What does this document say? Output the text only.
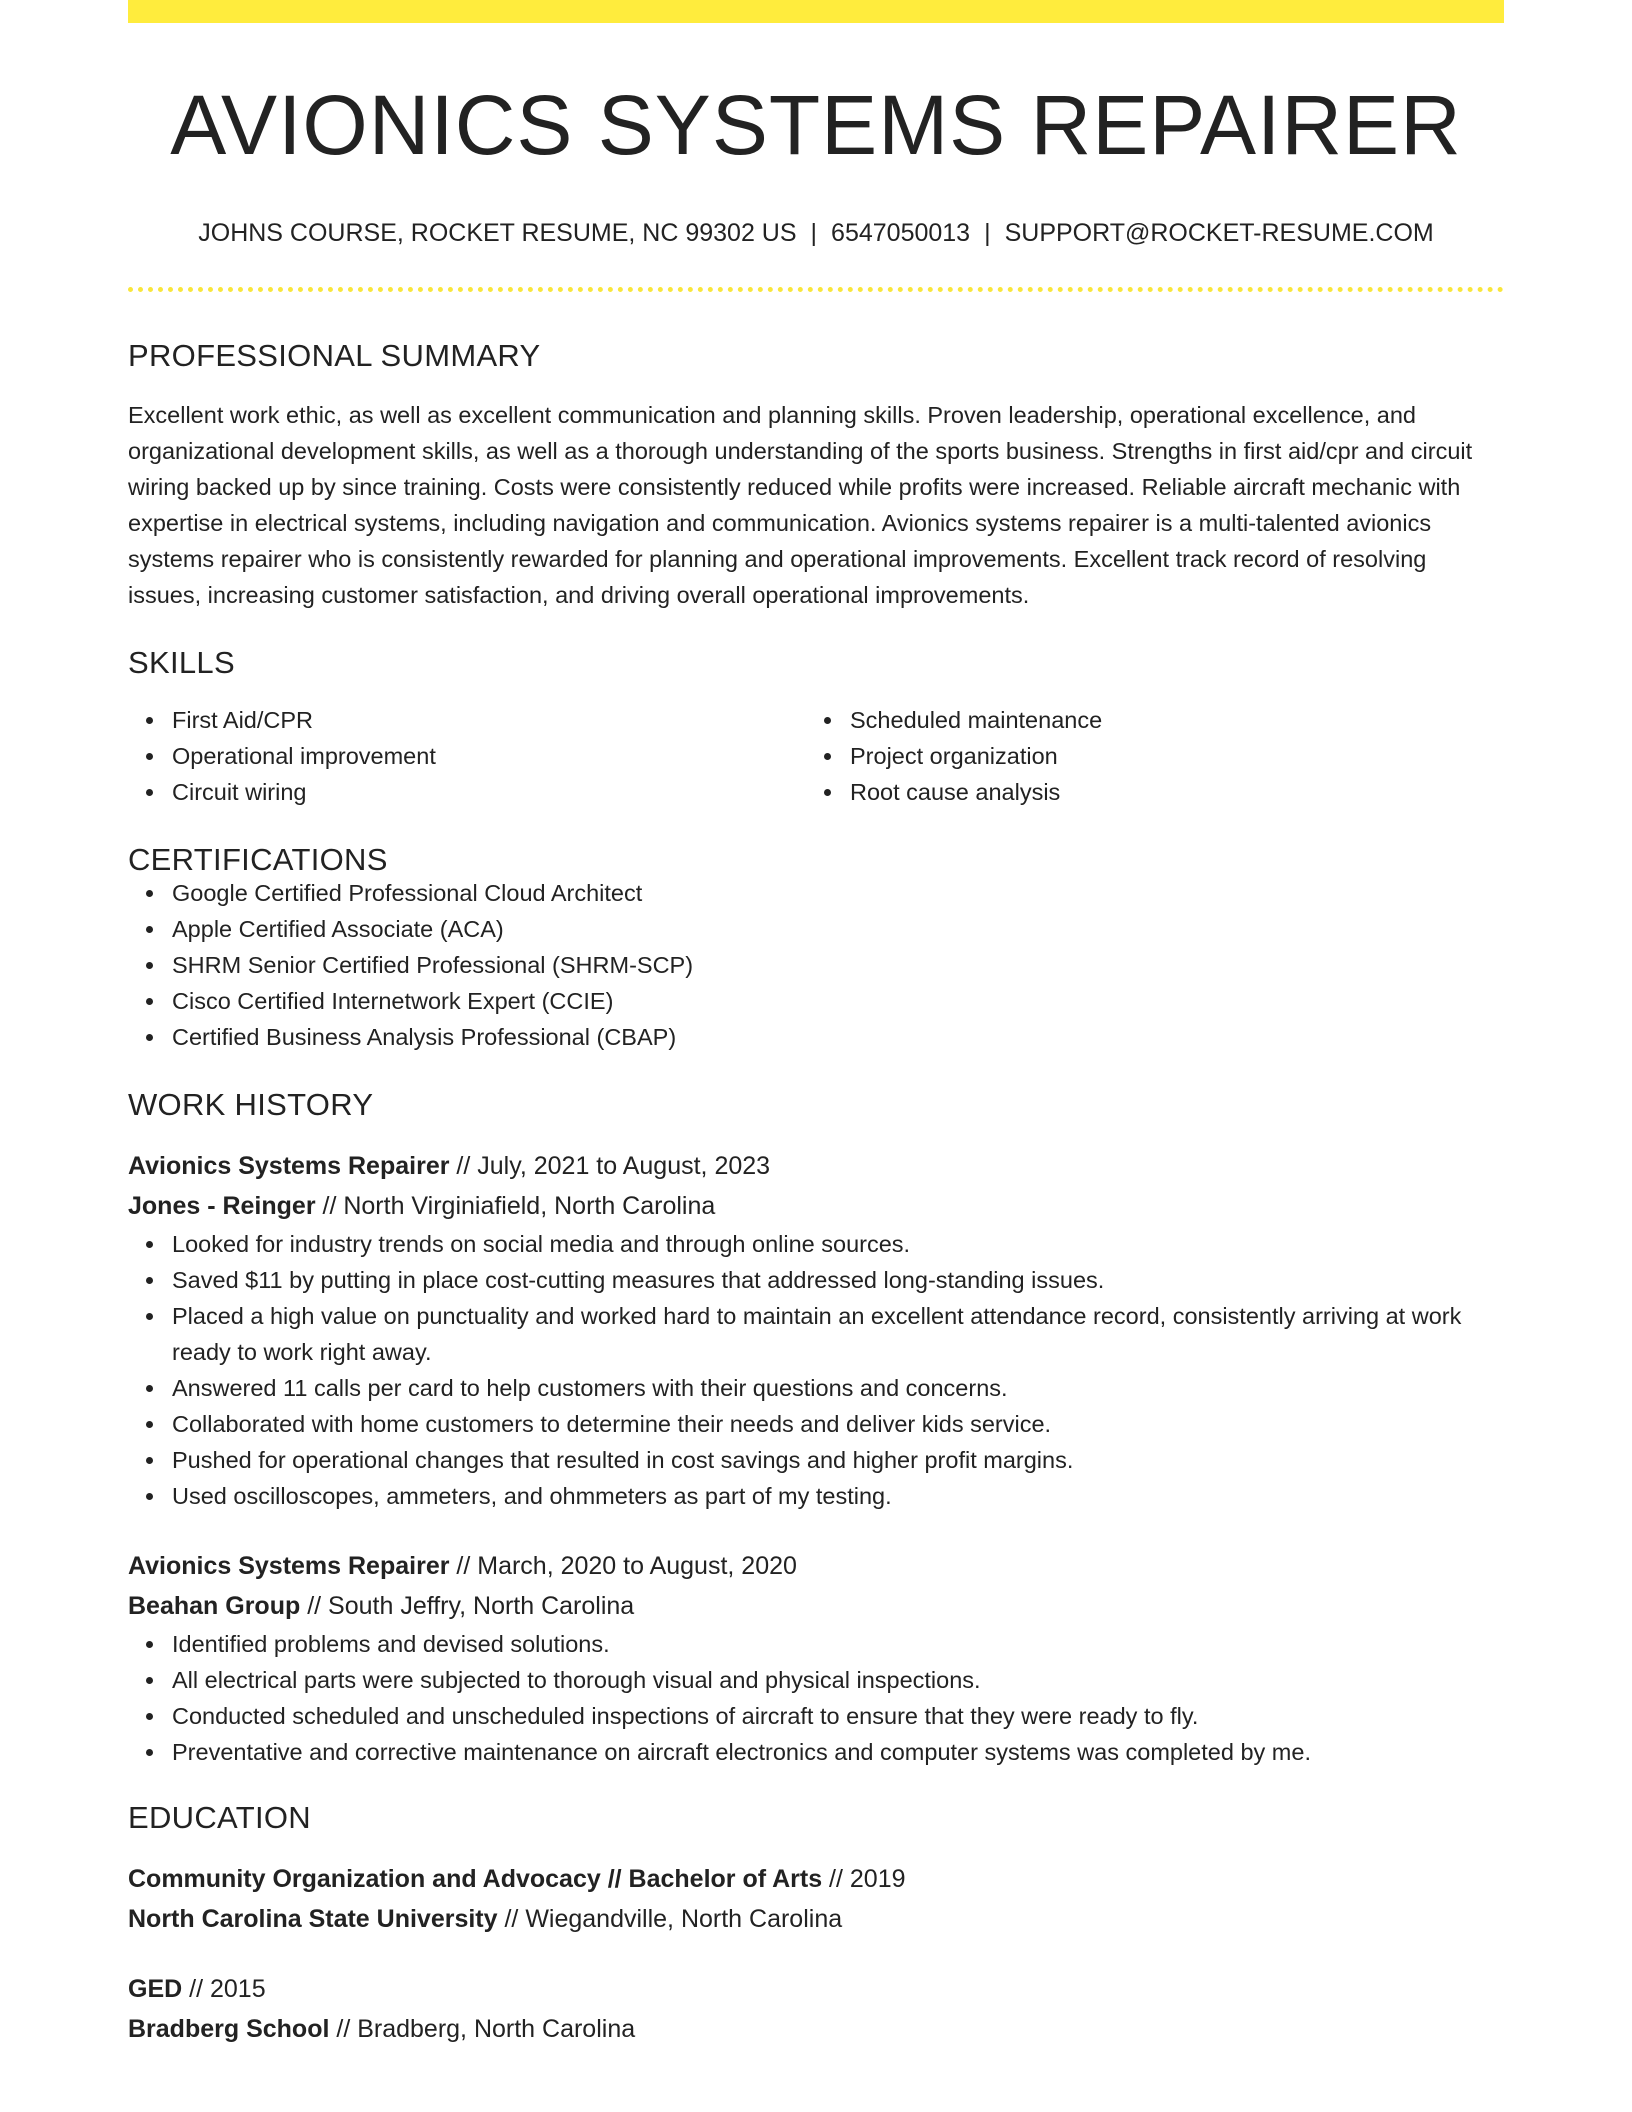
AVIONICS SYSTEMS REPAIRER
JOHNS COURSE, ROCKET RESUME, NC 99302 US | 6547050013 | SUPPORT@ROCKET-RESUME.COM
PROFESSIONAL SUMMARY
Excellent work ethic, as well as excellent communication and planning skills. Proven leadership, operational excellence, and organizational development skills, as well as a thorough understanding of the sports business. Strengths in first aid/cpr and circuit wiring backed up by since training. Costs were consistently reduced while profits were increased. Reliable aircraft mechanic with expertise in electrical systems, including navigation and communication. Avionics systems repairer is a multi-talented avionics systems repairer who is consistently rewarded for planning and operational improvements. Excellent track record of resolving issues, increasing customer satisfaction, and driving overall operational improvements.
SKILLS
First Aid/CPR
Operational improvement
Circuit wiring
Scheduled maintenance
Project organization
Root cause analysis
CERTIFICATIONS
Google Certified Professional Cloud Architect
Apple Certified Associate (ACA)
SHRM Senior Certified Professional (SHRM-SCP)
Cisco Certified Internetwork Expert (CCIE)
Certified Business Analysis Professional (CBAP)
WORK HISTORY
Avionics Systems Repairer // July, 2021 to August, 2023
Jones - Reinger // North Virginiafield, North Carolina
Looked for industry trends on social media and through online sources.
Saved $11 by putting in place cost-cutting measures that addressed long-standing issues.
Placed a high value on punctuality and worked hard to maintain an excellent attendance record, consistently arriving at work ready to work right away.
Answered 11 calls per card to help customers with their questions and concerns.
Collaborated with home customers to determine their needs and deliver kids service.
Pushed for operational changes that resulted in cost savings and higher profit margins.
Used oscilloscopes, ammeters, and ohmmeters as part of my testing.
Avionics Systems Repairer // March, 2020 to August, 2020
Beahan Group // South Jeffry, North Carolina
Identified problems and devised solutions.
All electrical parts were subjected to thorough visual and physical inspections.
Conducted scheduled and unscheduled inspections of aircraft to ensure that they were ready to fly.
Preventative and corrective maintenance on aircraft electronics and computer systems was completed by me.
EDUCATION
Community Organization and Advocacy // Bachelor of Arts // 2019
North Carolina State University // Wiegandville, North Carolina
GED // 2015
Bradberg School // Bradberg, North Carolina
